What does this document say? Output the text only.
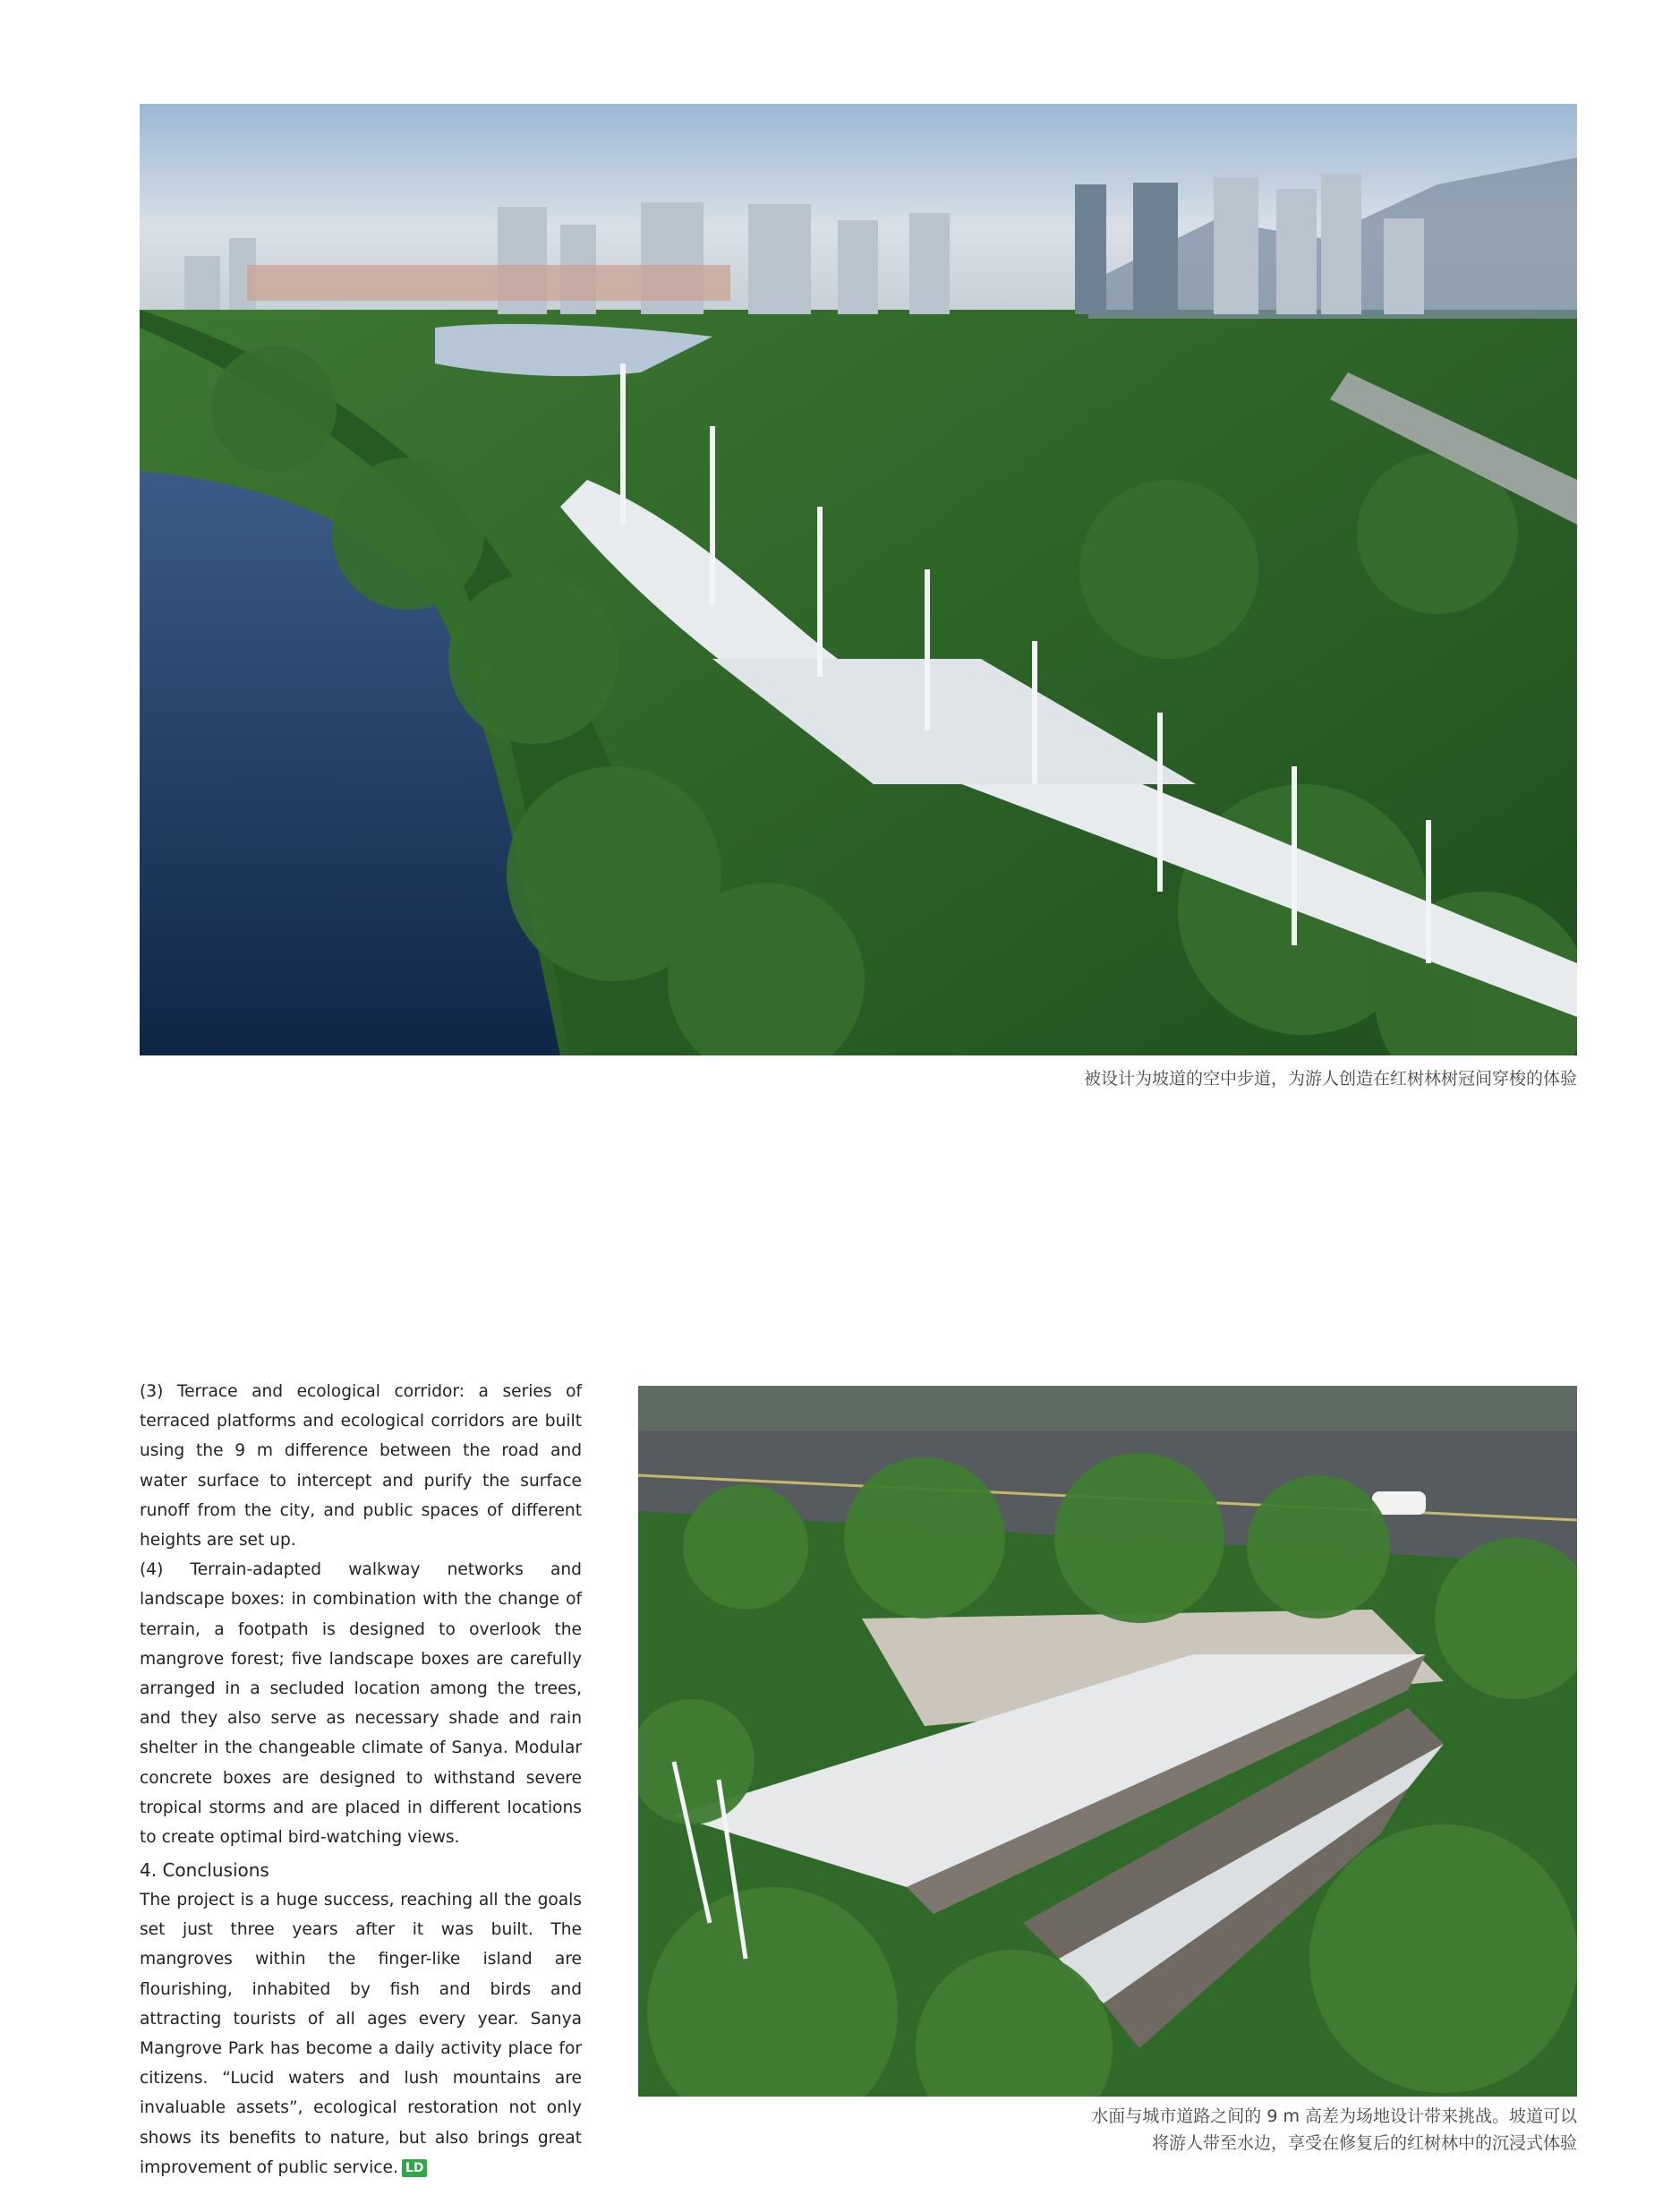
被设计为坡道的空中步道，为游人创造在红树林树冠间穿梭的体验

(3) Terrace and ecological corridor: a series of terraced platforms and ecological corridors are built using the 9 m difference between the road and water surface to intercept and purify the surface runoff from the city, and public spaces of different heights are set up.

(4) Terrain-adapted walkway networks and landscape boxes: in combination with the change of terrain, a footpath is designed to overlook the mangrove forest; five landscape boxes are carefully arranged in a secluded location among the trees, and they also serve as necessary shade and rain shelter in the changeable climate of Sanya. Modular concrete boxes are designed to withstand severe tropical storms and are placed in different locations to create optimal bird-watching views.

4. Conclusions

The project is a huge success, reaching all the goals set just three years after it was built. The mangroves within the finger-like island are flourishing, inhabited by fish and birds and attracting tourists of all ages every year. Sanya Mangrove Park has become a daily activity place for citizens. “Lucid waters and lush mountains are invaluable assets”, ecological restoration not only shows its benefits to nature, but also brings great improvement of public service. LD

水面与城市道路之间的 9 m 高差为场地设计带来挑战。坡道可以
将游人带至水边，享受在修复后的红树林中的沉浸式体验
